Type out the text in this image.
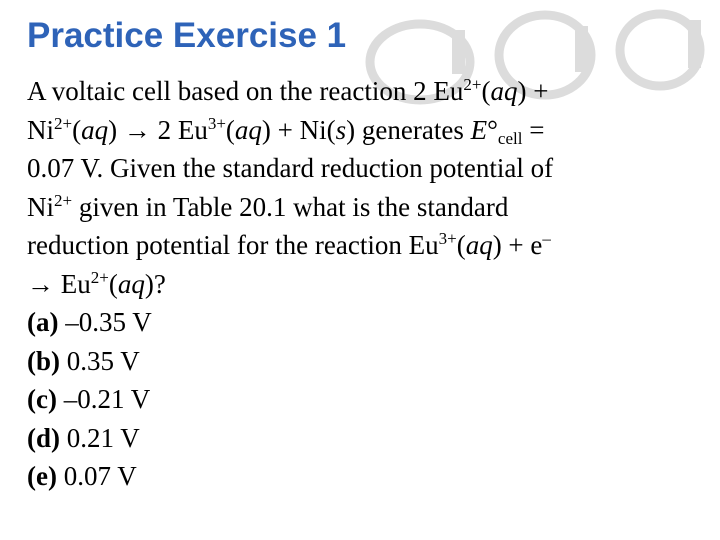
Practice Exercise 1
A voltaic cell based on the reaction 2 $Eu^{2+}(aq)$ +
$Ni^{2+}(aq) \to 2$ $Eu^{3+}(aq) + Ni(s)$ generates $E^\circ_{cell}$ =
0.07 V. Given the standard reduction potential of
$Ni^{2+}$ given in Table 20.1 what is the standard
reduction potential for the reaction $Eu^{3+}(aq) + e^-$
→ $Eu^{2+}(aq)$?
(a) –0.35 V
(b) 0.35 V
(c) –0.21 V
(d) 0.21 V
(e) 0.07 V
